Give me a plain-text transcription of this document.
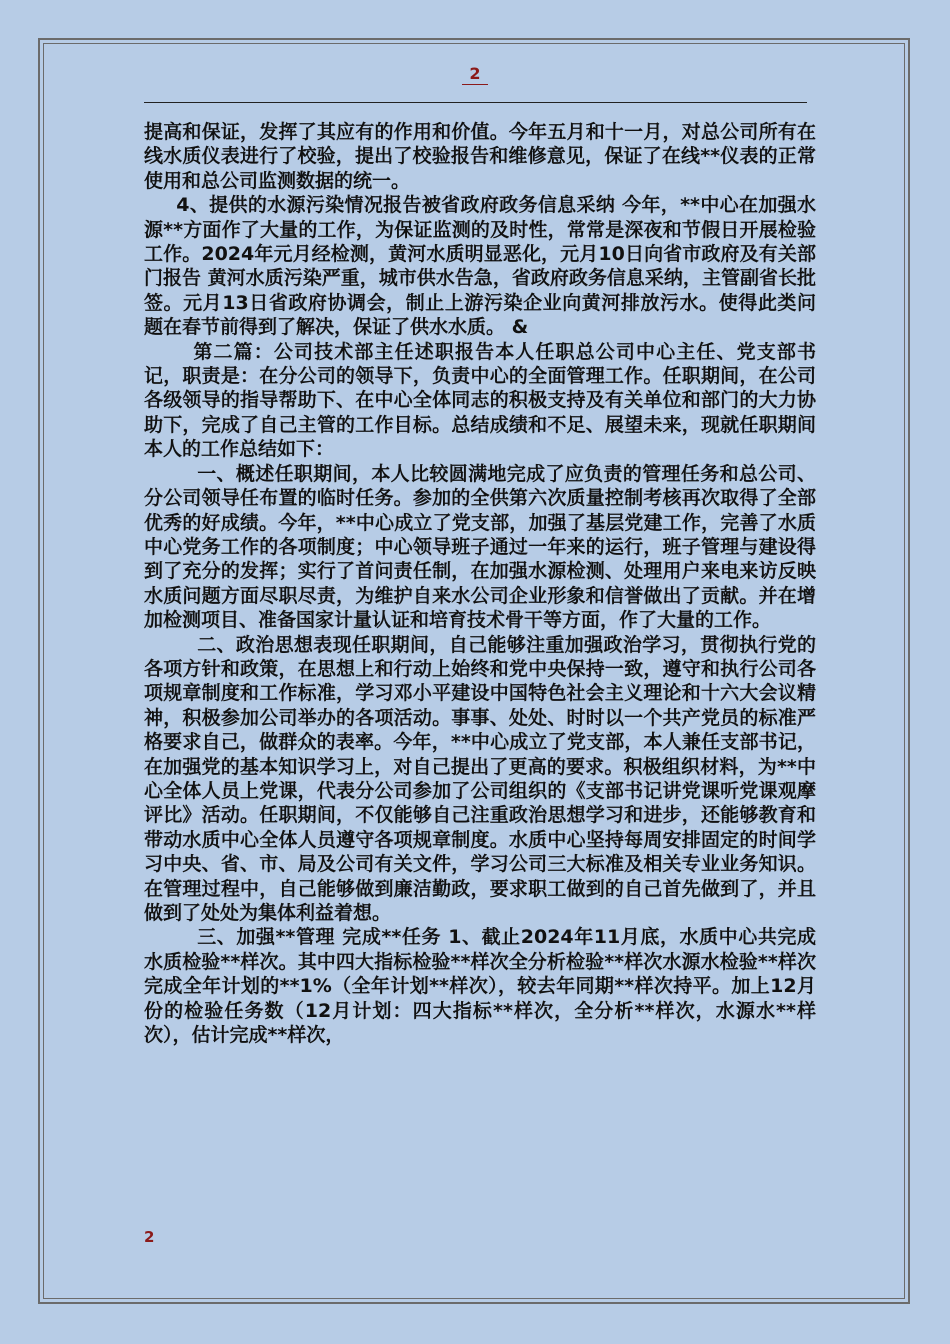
2

提高和保证，发挥了其应有的作用和价值。今年五月和十一月，对总公司所有在线水质仪表进行了校验，提出了校验报告和维修意见，保证了在线**仪表的正常使用和总公司监测数据的统一。

4、提供的水源污染情况报告被省政府政务信息采纳 今年，**中心在加强水源**方面作了大量的工作，为保证监测的及时性，常常是深夜和节假日开展检验工作。2024年元月经检测，黄河水质明显恶化，元月10日向省市政府及有关部门报告 黄河水质污染严重，城市供水告急，省政府政务信息采纳，主管副省长批签。元月13日省政府协调会，制止上游污染企业向黄河排放污水。使得此类问题在春节前得到了解决，保证了供水水质。 &

第二篇：公司技术部主任述职报告本人任职总公司中心主任、党支部书记，职责是：在分公司的领导下，负责中心的全面管理工作。任职期间，在公司各级领导的指导帮助下、在中心全体同志的积极支持及有关单位和部门的大力协助下，完成了自己主管的工作目标。总结成绩和不足、展望未来，现就任职期间本人的工作总结如下：

一、概述任职期间，本人比较圆满地完成了应负责的管理任务和总公司、分公司领导任布置的临时任务。参加的全供第六次质量控制考核再次取得了全部优秀的好成绩。今年，**中心成立了党支部，加强了基层党建工作，完善了水质中心党务工作的各项制度；中心领导班子通过一年来的运行，班子管理与建设得到了充分的发挥；实行了首问责任制，在加强水源检测、处理用户来电来访反映水质问题方面尽职尽责，为维护自来水公司企业形象和信誉做出了贡献。并在增加检测项目、准备国家计量认证和培育技术骨干等方面，作了大量的工作。

二、政治思想表现任职期间，自己能够注重加强政治学习，贯彻执行党的各项方针和政策，在思想上和行动上始终和党中央保持一致，遵守和执行公司各项规章制度和工作标准，学习邓小平建设中国特色社会主义理论和十六大会议精神，积极参加公司举办的各项活动。事事、处处、时时以一个共产党员的标准严格要求自己，做群众的表率。今年，**中心成立了党支部，本人兼任支部书记，在加强党的基本知识学习上，对自己提出了更高的要求。积极组织材料，为**中心全体人员上党课，代表分公司参加了公司组织的《支部书记讲党课听党课观摩评比》活动。任职期间，不仅能够自己注重政治思想学习和进步，还能够教育和带动水质中心全体人员遵守各项规章制度。水质中心坚持每周安排固定的时间学习中央、省、市、局及公司有关文件，学习公司三大标准及相关专业业务知识。在管理过程中，自己能够做到廉洁勤政，要求职工做到的自己首先做到了，并且做到了处处为集体利益着想。

三、加强**管理 完成**任务 1、截止2024年11月底，水质中心共完成水质检验**样次。其中四大指标检验**样次全分析检验**样次水源水检验**样次完成全年计划的**1%（全年计划**样次），较去年同期**样次持平。加上12月份的检验任务数（12月计划：四大指标**样次，全分析**样次，水源水**样次），估计完成**样次，

2
